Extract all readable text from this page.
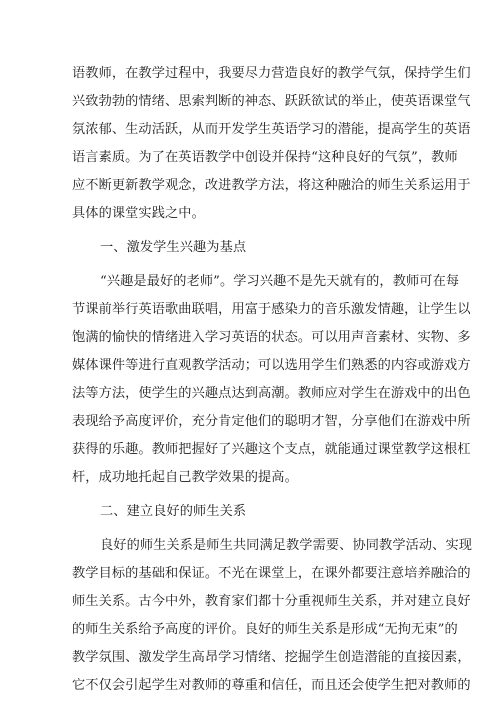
语教师，在教学过程中，我要尽力营造良好的教学气氛，保持学生们
兴致勃勃的情绪、思索判断的神态、跃跃欲试的举止，使英语课堂气
氛浓郁、生动活跃，从而开发学生英语学习的潜能，提高学生的英语
语言素质。为了在英语教学中创设并保持“这种良好的气氛”，教师
应不断更新教学观念，改进教学方法，将这种融洽的师生关系运用于
具体的课堂实践之中。
一、激发学生兴趣为基点
“兴趣是最好的老师”。学习兴趣不是先天就有的，教师可在每
节课前举行英语歌曲联唱，用富于感染力的音乐激发情趣，让学生以
饱满的愉快的情绪进入学习英语的状态。可以用声音素材、实物、多
媒体课件等进行直观教学活动；可以选用学生们熟悉的内容或游戏方
法等方法，使学生的兴趣点达到高潮。教师应对学生在游戏中的出色
表现给予高度评价，充分肯定他们的聪明才智，分享他们在游戏中所
获得的乐趣。教师把握好了兴趣这个支点，就能通过课堂教学这根杠
杆，成功地托起自己教学效果的提高。
二、建立良好的师生关系
良好的师生关系是师生共同满足教学需要、协同教学活动、实现
教学目标的基础和保证。不光在课堂上，在课外都要注意培养融洽的
师生关系。古今中外，教育家们都十分重视师生关系，并对建立良好
的师生关系给予高度的评价。良好的师生关系是形成“无拘无束”的
教学氛围、激发学生高昂学习情绪、挖掘学生创造潜能的直接因素，
它不仅会引起学生对教师的尊重和信任，而且还会使学生把对教师的
